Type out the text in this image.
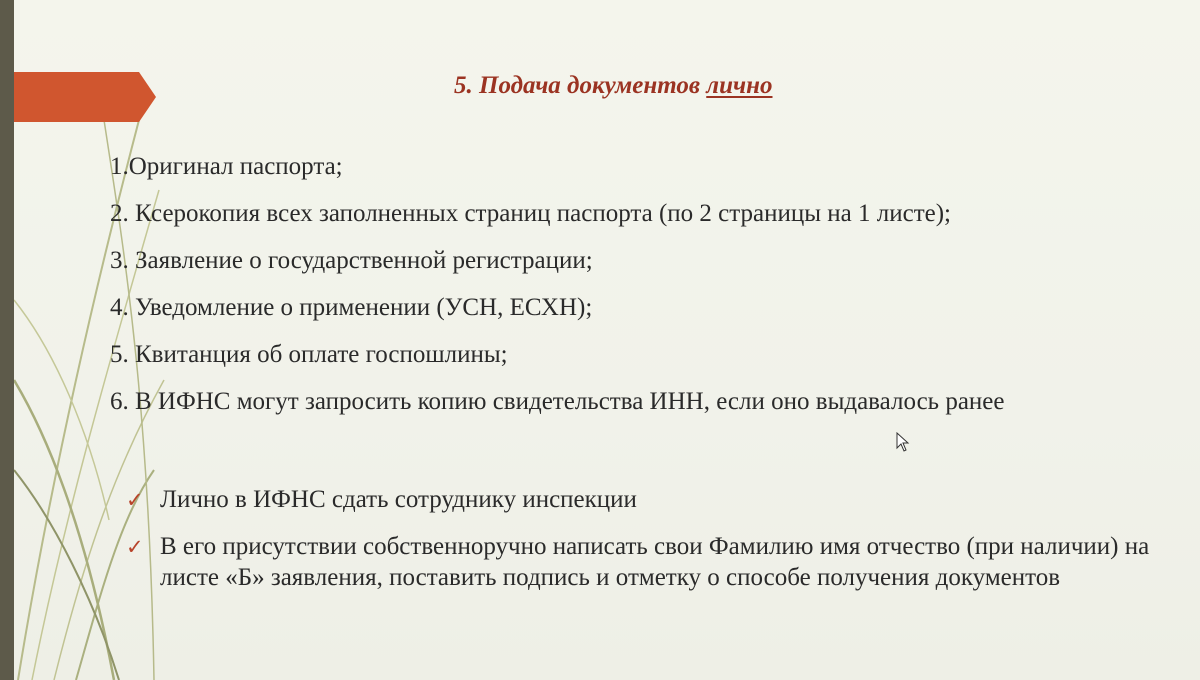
5. Подача документов лично
1.Оригинал паспорта;
2. Ксерокопия всех заполненных страниц паспорта (по 2 страницы на 1 листе);
3. Заявление о государственной регистрации;
4. Уведомление о применении (УСН, ЕСХН);
5. Квитанция об оплате госпошлины;
6. В ИФНС могут запросить копию свидетельства ИНН, если оно выдавалось ранее
✓ Лично в ИФНС сдать сотруднику инспекции
✓ В его присутствии собственноручно написать свои Фамилию имя отчество (при наличии) на листе «Б» заявления, поставить подпись и отметку о способе получения документов
